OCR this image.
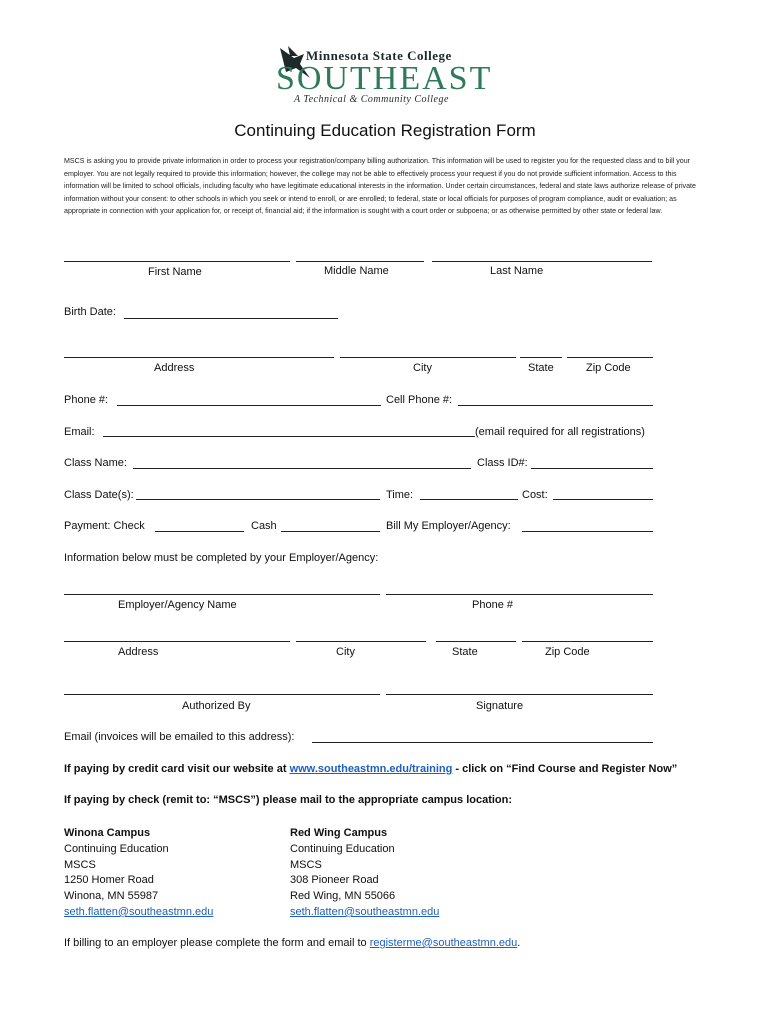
Minnesota State College
SOUTHEAST
A Technical & Community College
Continuing Education Registration Form
MSCS is asking you to provide private information in order to process your registration/company billing authorization. This information will be used to register you for the requested class and to bill your employer. You are not legally required to provide this information; however, the college may not be able to effectively process your request if you do not provide sufficient information. Access to this information will be limited to school officials, including faculty who have legitimate educational interests in the information. Under certain circumstances, federal and state laws authorize release of private information without your consent: to other schools in which you seek or intend to enroll, or are enrolled; to federal, state or local officials for purposes of program compliance, audit or evaluation; as appropriate in connection with your application for, or receipt of, financial aid; if the information is sought with a court order or subpoena; or as otherwise permitted by other state or federal law.
First Name	Middle Name	Last Name
Birth Date:
Address	City	State	Zip Code
Phone #:	Cell Phone #:
Email:	(email required for all registrations)
Class Name:	Class ID#:
Class Date(s):	Time:	Cost:
Payment: Check	Cash	Bill My Employer/Agency:
Information below must be completed by your Employer/Agency:
Employer/Agency Name	Phone #
Address	City	State	Zip Code
Authorized By	Signature
Email (invoices will be emailed to this address):
If paying by credit card visit our website at www.southeastmn.edu/training - click on “Find Course and Register Now”
If paying by check (remit to: “MSCS”) please mail to the appropriate campus location:
Winona Campus
Continuing Education
MSCS
1250 Homer Road
Winona, MN 55987
seth.flatten@southeastmn.edu
Red Wing Campus
Continuing Education
MSCS
308 Pioneer Road
Red Wing, MN 55066
seth.flatten@southeastmn.edu
If billing to an employer please complete the form and email to registerme@southeastmn.edu.
